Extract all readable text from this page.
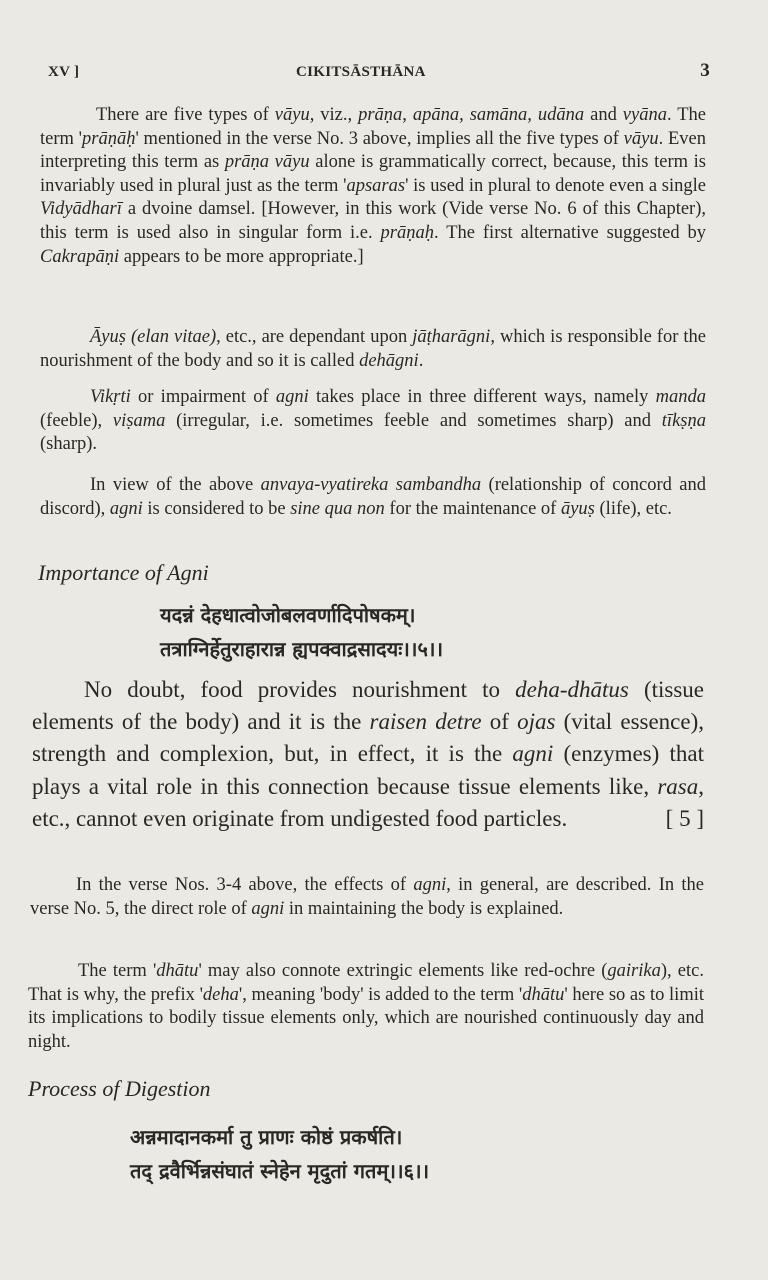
XV ]	CIKITSĀSTHĀNA	3

There are five types of vāyu, viz., prāṇa, apāna, samāna, udāna and vyāna. The term 'prāṇāḥ' mentioned in the verse No. 3 above, implies all the five types of vāyu. Even interpreting this term as prāṇa vāyu alone is grammatically correct, because, this term is invariably used in plural just as the term 'apsaras' is used in plural to denote even a single Vidyādharī a dvoine damsel. [However, in this work (Vide verse No. 6 of this Chapter), this term is used also in singular form i.e. prāṇaḥ. The first alternative suggested by Cakrapāṇi appears to be more appropriate.]

Āyuṣ (elan vitae), etc., are dependant upon jāṭharāgni, which is responsible for the nourishment of the body and so it is called dehāgni.

Vikṛti or impairment of agni takes place in three different ways, namely manda (feeble), viṣama (irregular, i.e. sometimes feeble and sometimes sharp) and tīkṣṇa (sharp).

In view of the above anvaya-vyatireka sambandha (relationship of concord and discord), agni is considered to be sine qua non for the maintenance of āyuṣ (life), etc.

Importance of Agni

यदन्नं देहधात्वोजोबलवर्णादिपोषकम्।
तत्राग्निर्हेतुराहारान्न ह्यपक्वाद्रसादयः।।५।।

No doubt, food provides nourishment to deha-dhātus (tissue elements of the body) and it is the raisen detre of ojas (vital essence), strength and complexion, but, in effect, it is the agni (enzymes) that plays a vital role in this connection because tissue elements like, rasa, etc., cannot even originate from undigested food particles.	[ 5 ]

In the verse Nos. 3-4 above, the effects of agni, in general, are described. In the verse No. 5, the direct role of agni in maintaining the body is explained.

The term 'dhātu' may also connote extringic elements like red-ochre (gairika), etc. That is why, the prefix 'deha', meaning 'body' is added to the term 'dhātu' here so as to limit its implications to bodily tissue elements only, which are nourished continuously day and night.

Process of Digestion

अन्नमादानकर्मा तु प्राणः कोष्ठं प्रकर्षति।
तद् द्रवैर्भिन्नसंघातं स्नेहेन मृदुतां गतम्।।६।।
